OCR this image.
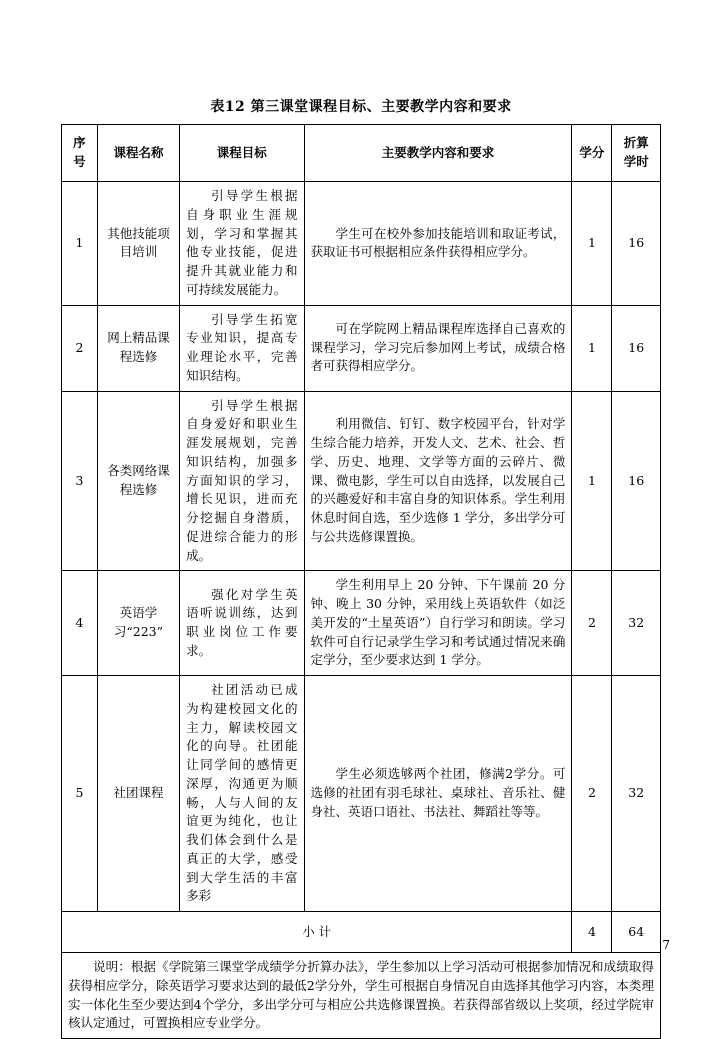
表12 第三课堂课程目标、主要教学内容和要求
序号	课程名称	课程目标	主要教学内容和要求	学分	折算学时
1	其他技能项目培训	引导学生根据自身职业生涯规划，学习和掌握其他专业技能，促进提升其就业能力和可持续发展能力。	学生可在校外参加技能培训和取证考试，获取证书可根据相应条件获得相应学分。	1	16
2	网上精品课程选修	引导学生拓宽专业知识，提高专业理论水平，完善知识结构。	可在学院网上精品课程库选择自己喜欢的课程学习，学习完后参加网上考试，成绩合格者可获得相应学分。	1	16
3	各类网络课程选修	引导学生根据自身爱好和职业生涯发展规划，完善知识结构，加强多方面知识的学习，增长见识，进而充分挖掘自身潜质，促进综合能力的形成。	利用微信、钉钉、数字校园平台，针对学生综合能力培养，开发人文、艺术、社会、哲学、历史、地理、文学等方面的云碎片、微课、微电影，学生可以自由选择，以发展自己的兴趣爱好和丰富自身的知识体系。学生利用休息时间自选，至少选修 1 学分，多出学分可与公共选修课置换。	1	16
4	英语学习“223”	强化对学生英语听说训练，达到职业岗位工作要求。	学生利用早上 20 分钟、下午课前 20 分钟、晚上 30 分钟，采用线上英语软件（如泛美开发的“土星英语”）自行学习和朗读。学习软件可自行记录学生学习和考试通过情况来确定学分，至少要求达到 1 学分。	2	32
5	社团课程	社团活动已成为构建校园文化的主力，解读校园文化的向导。社团能让同学间的感情更深厚，沟通更为顺畅，人与人间的友谊更为纯化，也让我们体会到什么是真正的大学，感受到大学生活的丰富多彩	学生必须选够两个社团，修满2学分。可选修的社团有羽毛球社、桌球社、音乐社、健身社、英语口语社、书法社、舞蹈社等等。	2	32
小 计				4	64
说明：根据《学院第三课堂学成绩学分折算办法》，学生参加以上学习活动可根据参加情况和成绩取得获得相应学分，除英语学习要求达到的最低2学分外，学生可根据自身情况自由选择其他学习内容，本类理实一体化生至少要达到4个学分，多出学分可与相应公共选修课置换。若获得部省级以上奖项，经过学院审核认定通过，可置换相应专业学分。					
7
